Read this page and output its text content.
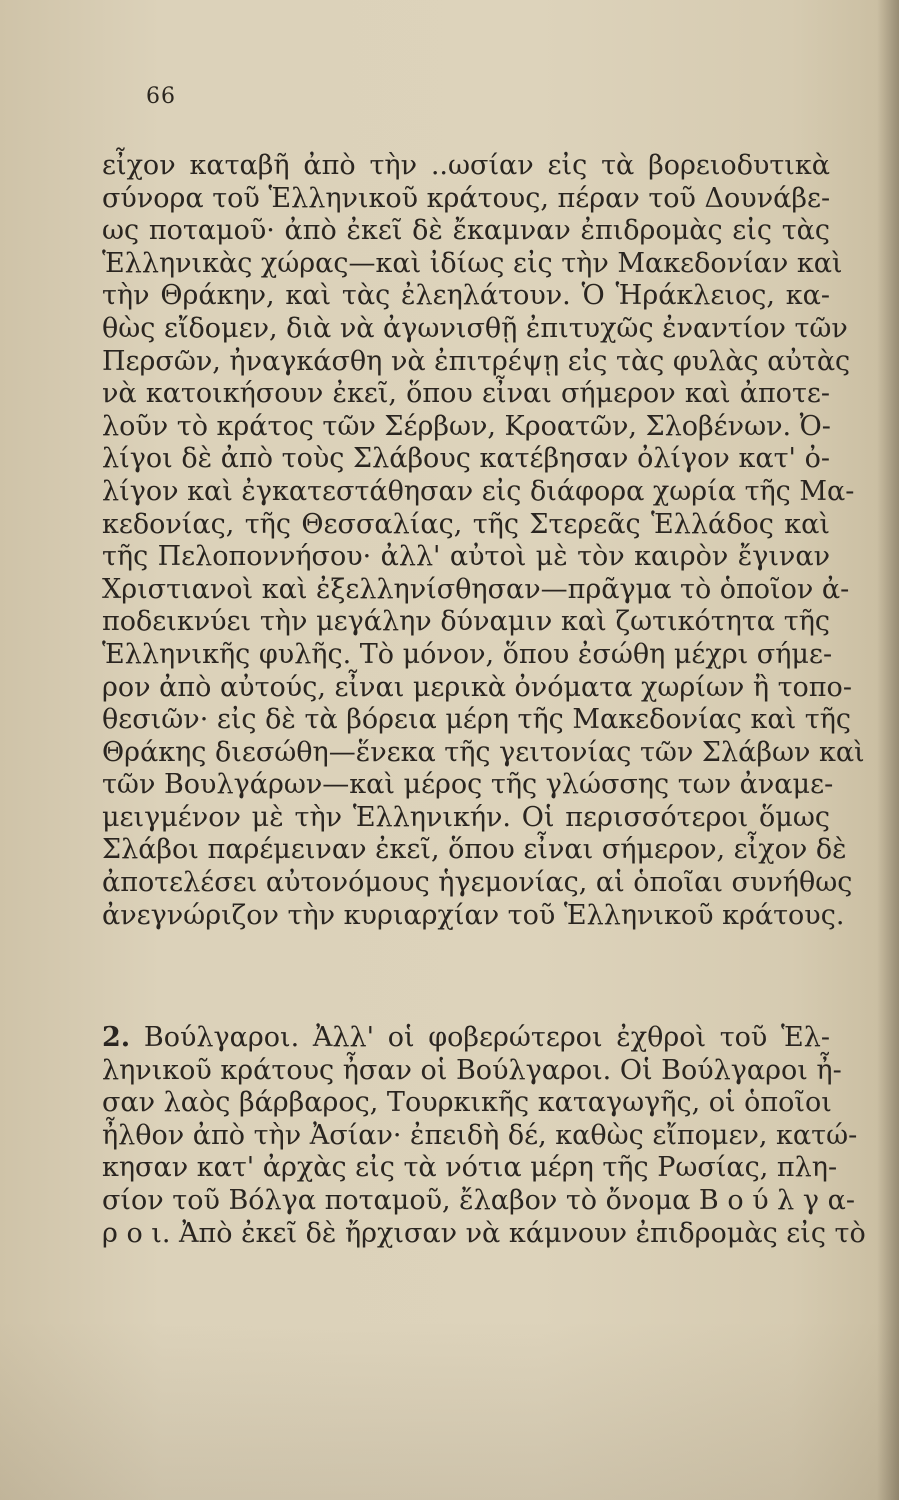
66
εἶχον καταβῆ ἀπὸ τὴν ..ωσίαν εἰς τὰ βορειοδυτικὰ
σύνορα τοῦ Ἑλληνικοῦ κράτους, πέραν τοῦ Δουνάβε-
ως ποταμοῦ· ἀπὸ ἐκεῖ δὲ ἔκαμναν ἐπιδρομὰς εἰς τὰς
Ἑλληνικὰς χώρας—καὶ ἰδίως εἰς τὴν Μακεδονίαν καὶ
τὴν Θράκην, καὶ τὰς ἐλεηλάτουν. Ὁ Ἡράκλειος, κα-
θὼς εἴδομεν, διὰ νὰ ἀγωνισθῇ ἐπιτυχῶς ἐναντίον τῶν
Περσῶν, ἠναγκάσθη νὰ ἐπιτρέψῃ εἰς τὰς φυλὰς αὐτὰς
νὰ κατοικήσουν ἐκεῖ, ὅπου εἶναι σήμερον καὶ ἀποτε-
λοῦν τὸ κράτος τῶν Σέρβων, Κροατῶν, Σλοβένων. Ὀ-
λίγοι δὲ ἀπὸ τοὺς Σλάβους κατέβησαν ὀλίγον κατ' ὀ-
λίγον καὶ ἐγκατεστάθησαν εἰς διάφορα χωρία τῆς Μα-
κεδονίας, τῆς Θεσσαλίας, τῆς Στερεᾶς Ἑλλάδος καὶ
τῆς Πελοποννήσου· ἀλλ' αὐτοὶ μὲ τὸν καιρὸν ἔγιναν
Χριστιανοὶ καὶ ἐξελληνίσθησαν—πρᾶγμα τὸ ὁποῖον ἀ-
ποδεικνύει τὴν μεγάλην δύναμιν καὶ ζωτικότητα τῆς
Ἑλληνικῆς φυλῆς. Τὸ μόνον, ὅπου ἐσώθη μέχρι σήμε-
ρον ἀπὸ αὐτούς, εἶναι μερικὰ ὀνόματα χωρίων ἢ τοπο-
θεσιῶν· εἰς δὲ τὰ βόρεια μέρη τῆς Μακεδονίας καὶ τῆς
Θράκης διεσώθη—ἕνεκα τῆς γειτονίας τῶν Σλάβων καὶ
τῶν Βουλγάρων—καὶ μέρος τῆς γλώσσης των ἀναμε-
μειγμένον μὲ τὴν Ἑλληνικήν. Οἱ περισσότεροι ὅμως
Σλάβοι παρέμειναν ἐκεῖ, ὅπου εἶναι σήμερον, εἶχον δὲ
ἀποτελέσει αὐτονόμους ἡγεμονίας, αἱ ὁποῖαι συνήθως
ἀνεγνώριζον τὴν κυριαρχίαν τοῦ Ἑλληνικοῦ κράτους.
2. Βούλγαροι. Ἀλλ' οἱ φοβερώτεροι ἐχθροὶ τοῦ Ἑλ-
ληνικοῦ κράτους ἦσαν οἱ Βούλγαροι. Οἱ Βούλγαροι ἦ-
σαν λαὸς βάρβαρος, Τουρκικῆς καταγωγῆς, οἱ ὁποῖοι
ἦλθον ἀπὸ τὴν Ἀσίαν· ἐπειδὴ δέ, καθὼς εἴπομεν, κατώ-
κησαν κατ' ἀρχὰς εἰς τὰ νότια μέρη τῆς Ρωσίας, πλη-
σίον τοῦ Βόλγα ποταμοῦ, ἔλαβον τὸ ὄνομα Β ο ύ λ γ α-
ρ ο ι. Ἀπὸ ἐκεῖ δὲ ἤρχισαν νὰ κάμνουν ἐπιδρομὰς εἰς τὸ
